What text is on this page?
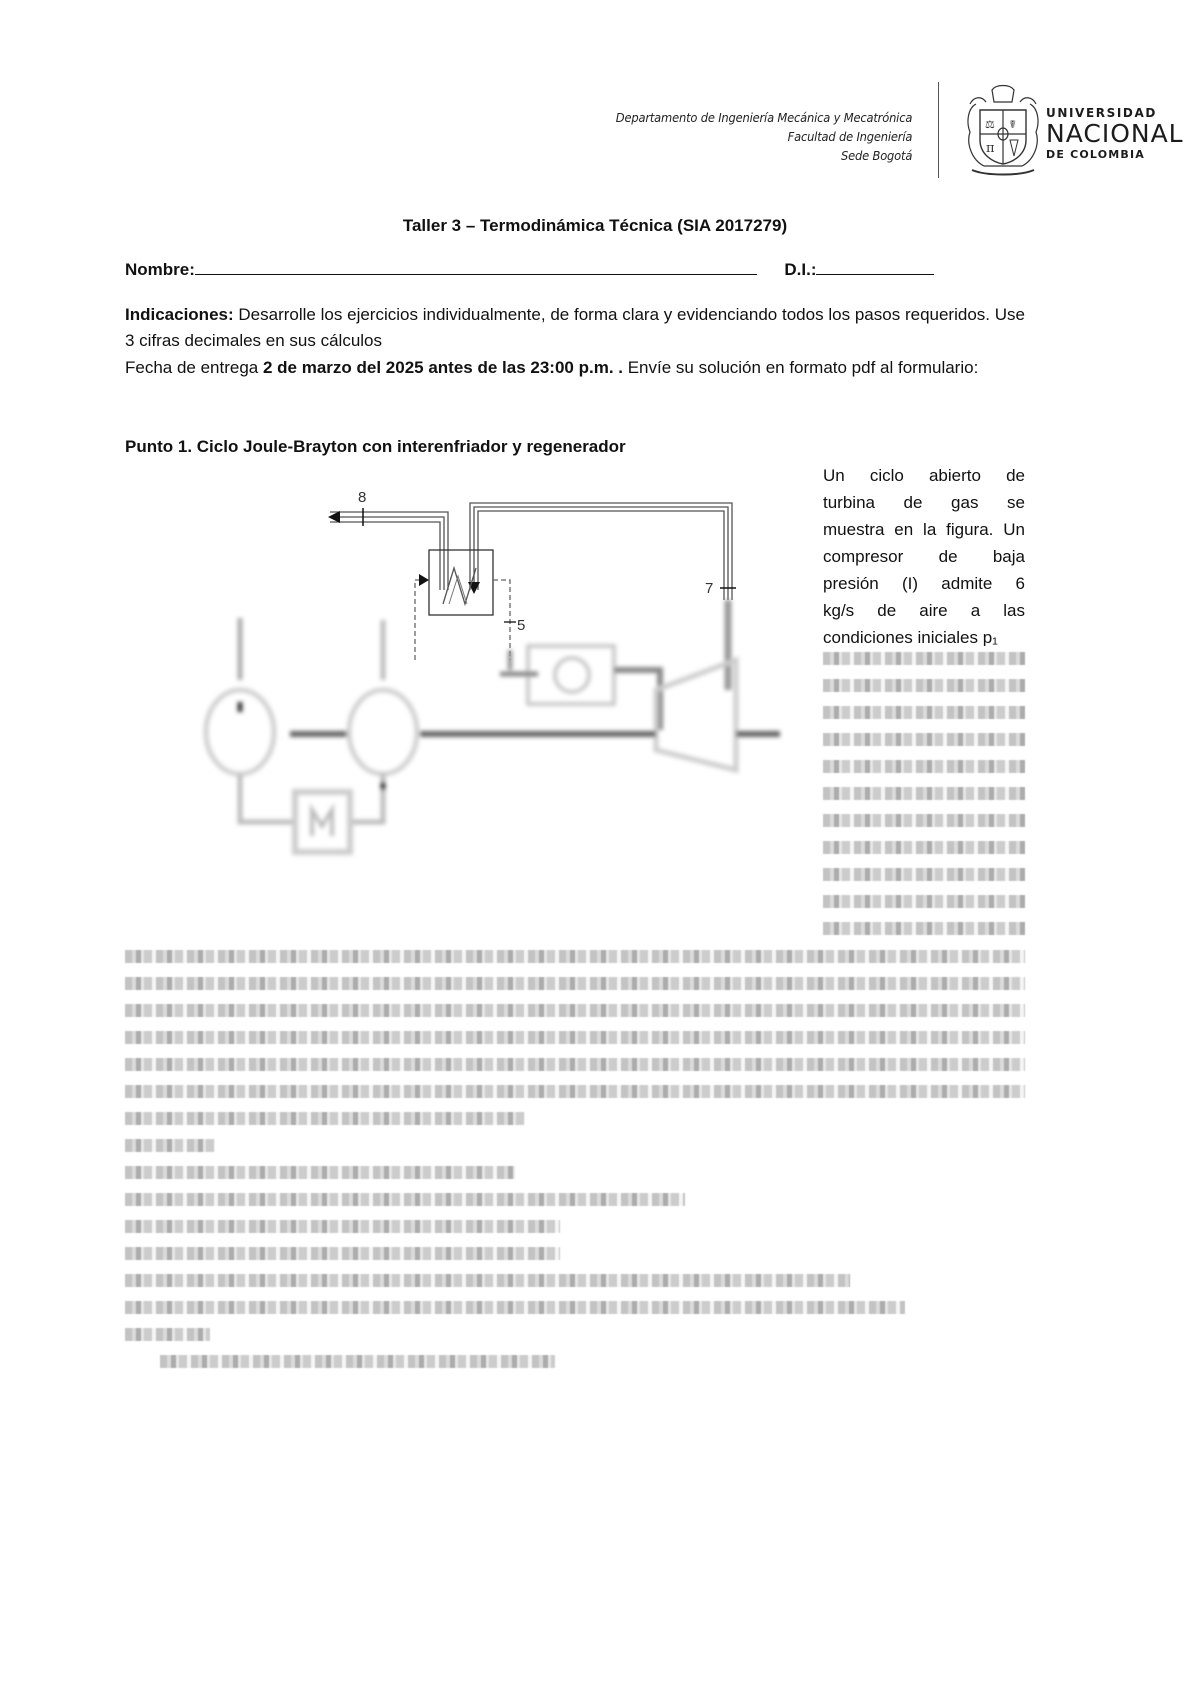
Departamento de Ingeniería Mecánica y Mecatrónica
Facultad de Ingeniería
Sede Bogotá
⚖ ☤
π
UNIVERSIDAD
NACIONAL
DE COLOMBIA
Taller 3 – Termodinámica Técnica (SIA 2017279)
Nombre:	D.I.:
Indicaciones: Desarrolle los ejercicios individualmente, de forma clara y evidenciando todos los pasos requeridos. Use 3 cifras decimales en sus cálculos
Fecha de entrega 2 de marzo del 2025 antes de las 23:00 p.m. . Envíe su solución en formato pdf al formulario:
Punto 1. Ciclo Joule-Brayton con interenfriador y regenerador
Un ciclo abierto de
turbina de gas se
muestra en la figura. Un
compresor de baja
presión (I) admite 6
kg/s de aire a las
condiciones iniciales p₁
8
7
5
